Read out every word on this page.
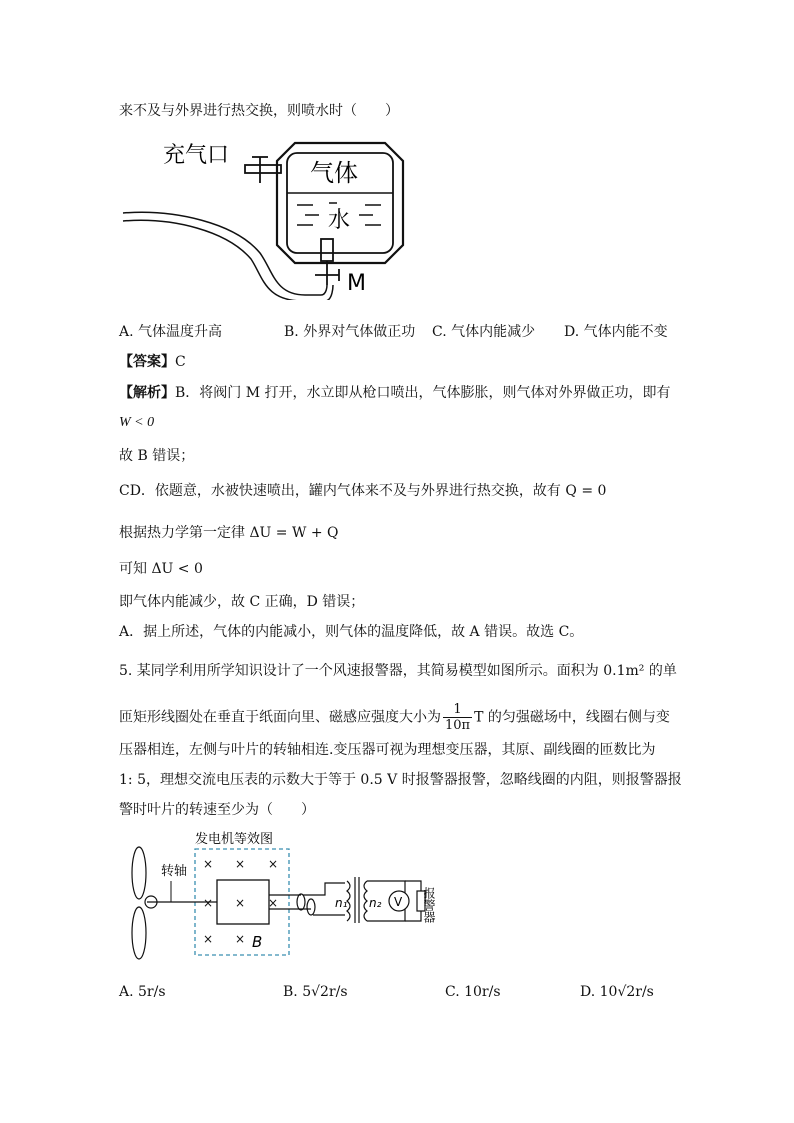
来不及与外界进行热交换，则喷水时（　　）
气体
水
充气口
M
A. 气体温度升高	B. 外界对气体做正功 C. 气体内能减少 D. 气体内能不变
【答案】C
【解析】B．将阀门 M 打开，水立即从枪口喷出，气体膨胀，则气体对外界做正功，即有
W < 0
故 B 错误；
CD．依题意，水被快速喷出，罐内气体来不及与外界进行热交换，故有 Q = 0
根据热力学第一定律 ΔU = W + Q
可知 ΔU < 0
即气体内能减少，故 C 正确，D 错误；
A．据上所述，气体的内能减小，则气体的温度降低，故 A 错误。故选 C。
5. 某同学利用所学知识设计了一个风速报警器，其简易模型如图所示。面积为 0.1m² 的单
匝矩形线圈处在垂直于纸面向里、磁感应强度大小为 $\frac{1}{10\pi}$ T 的匀强磁场中，线圈右侧与变
压器相连，左侧与叶片的转轴相连.变压器可视为理想变压器，其原、副线圈的匝数比为
1: 5，理想交流电压表的示数大于等于 0.5 V 时报警器报警，忽略线圈的内阻，则报警器报
警时叶片的转速至少为（　　）
发电机等效图
× × ×
× × ×
× × B
转轴
n₁ n₂ V 报警器
A. 5r/s	B. 5√2r/s	C. 10r/s	D. 10√2r/s
